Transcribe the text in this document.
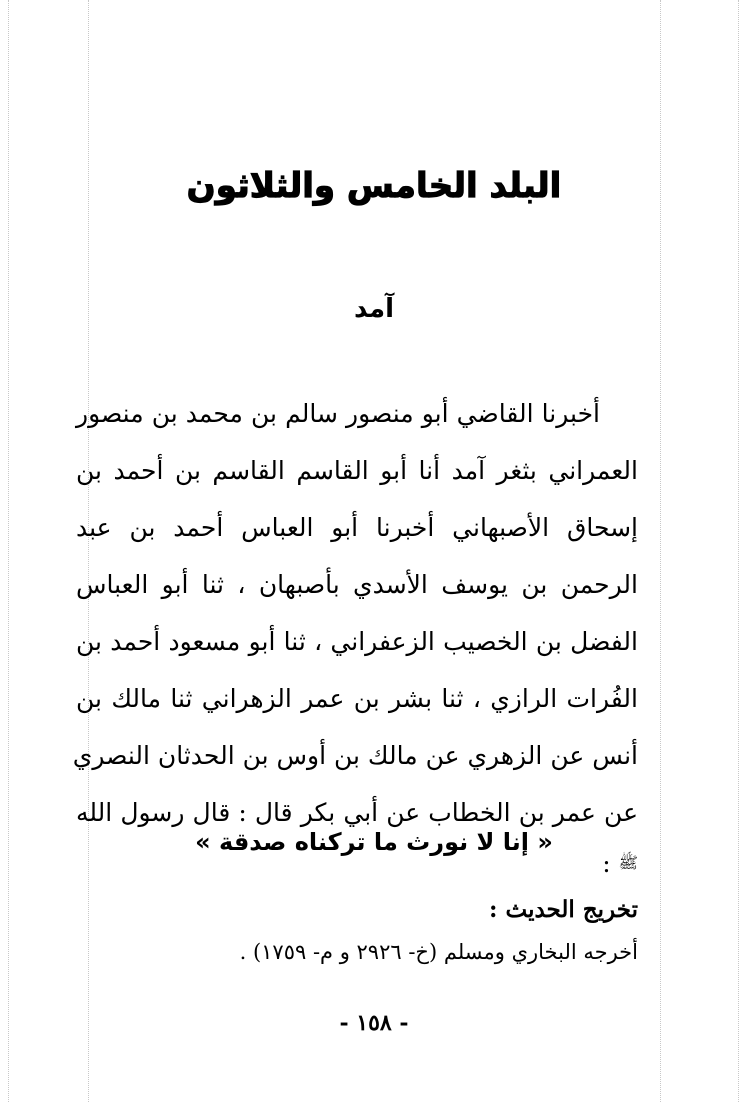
البلد الخامس والثلاثون
آمد
أخبرنا القاضي أبو منصور سالم بن محمد بن منصور
العمراني بثغر آمد أنا أبو القاسم القاسم بن أحمد بن
إسحاق الأصبهاني أخبرنا أبو العباس أحمد بن عبد
الرحمن بن يوسف الأسدي بأصبهان ، ثنا أبو العباس
الفضل بن الخصيب الزعفراني ، ثنا أبو مسعود أحمد بن
الفُرات الرازي ، ثنا بشر بن عمر الزهراني ثنا مالك بن
أنس عن الزهري عن مالك بن أوس بن الحدثان النصري
عن عمر بن الخطاب عن أبي بكر قال : قال رسول الله
ﷺ :
« إنا لا نورث ما تركناه صدقة »
تخريج الحديث :
أخرجه البخاري ومسلم (خ- ٢٩٢٦ و م- ١٧٥٩) .
- ١٥٨ -
